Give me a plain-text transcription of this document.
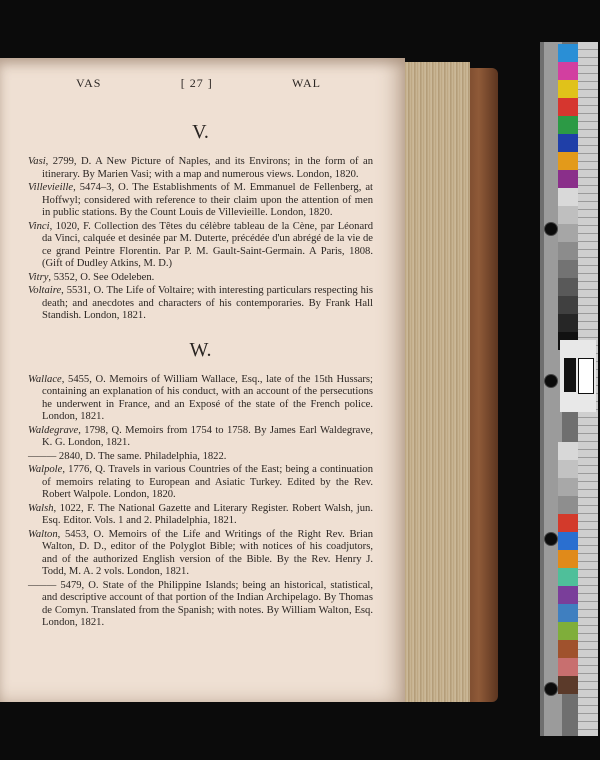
VAS	[ 27 ]	WAL
V.
Vasi, 2799, D. A New Picture of Naples, and its Environs; in the form of an itinerary. By Marien Vasi; with a map and numerous views. London, 1820.
Villevieille, 5474–3, O. The Establishments of M. Emmanuel de Fellenberg, at Hoffwyl; considered with reference to their claim upon the attention of men in public stations. By the Count Louis de Villevieille. London, 1820.
Vinci, 1020, F. Collection des Têtes du célèbre tableau de la Cène, par Léonard da Vinci, calquée et desinée par M. Duterte, précédée d'un abrégé de la vie de ce grand Peintre Florentin. Par P. M. Gault-Saint-Germain. A Paris, 1808. (Gift of Dudley Atkins, M. D.)
Vitry, 5352, O. See Odeleben.
Voltaire, 5531, O. The Life of Voltaire; with interesting particulars respecting his death; and anecdotes and characters of his contemporaries. By Frank Hall Standish. London, 1821.
W.
Wallace, 5455, O. Memoirs of William Wallace, Esq., late of the 15th Hussars; containing an explanation of his conduct, with an account of the persecutions he underwent in France, and an Exposé of the state of the French police. London, 1821.
Waldegrave, 1798, Q. Memoirs from 1754 to 1758. By James Earl Waldegrave, K. G. London, 1821.
——— 2840, D. The same. Philadelphia, 1822.
Walpole, 1776, Q. Travels in various Countries of the East; being a continuation of memoirs relating to European and Asiatic Turkey. Edited by the Rev. Robert Walpole. London, 1820.
Walsh, 1022, F. The National Gazette and Literary Register. Robert Walsh, jun. Esq. Editor. Vols. 1 and 2. Philadelphia, 1821.
Walton, 5453, O. Memoirs of the Life and Writings of the Right Rev. Brian Walton, D. D., editor of the Polyglot Bible; with notices of his coadjutors, and of the authorized English version of the Bible. By the Rev. Henry J. Todd, M. A. 2 vols. London, 1821.
——— 5479, O. State of the Philippine Islands; being an historical, statistical, and descriptive account of that portion of the Indian Archipelago. By Thomas de Comyn. Translated from the Spanish; with notes. By William Walton, Esq. London, 1821.
